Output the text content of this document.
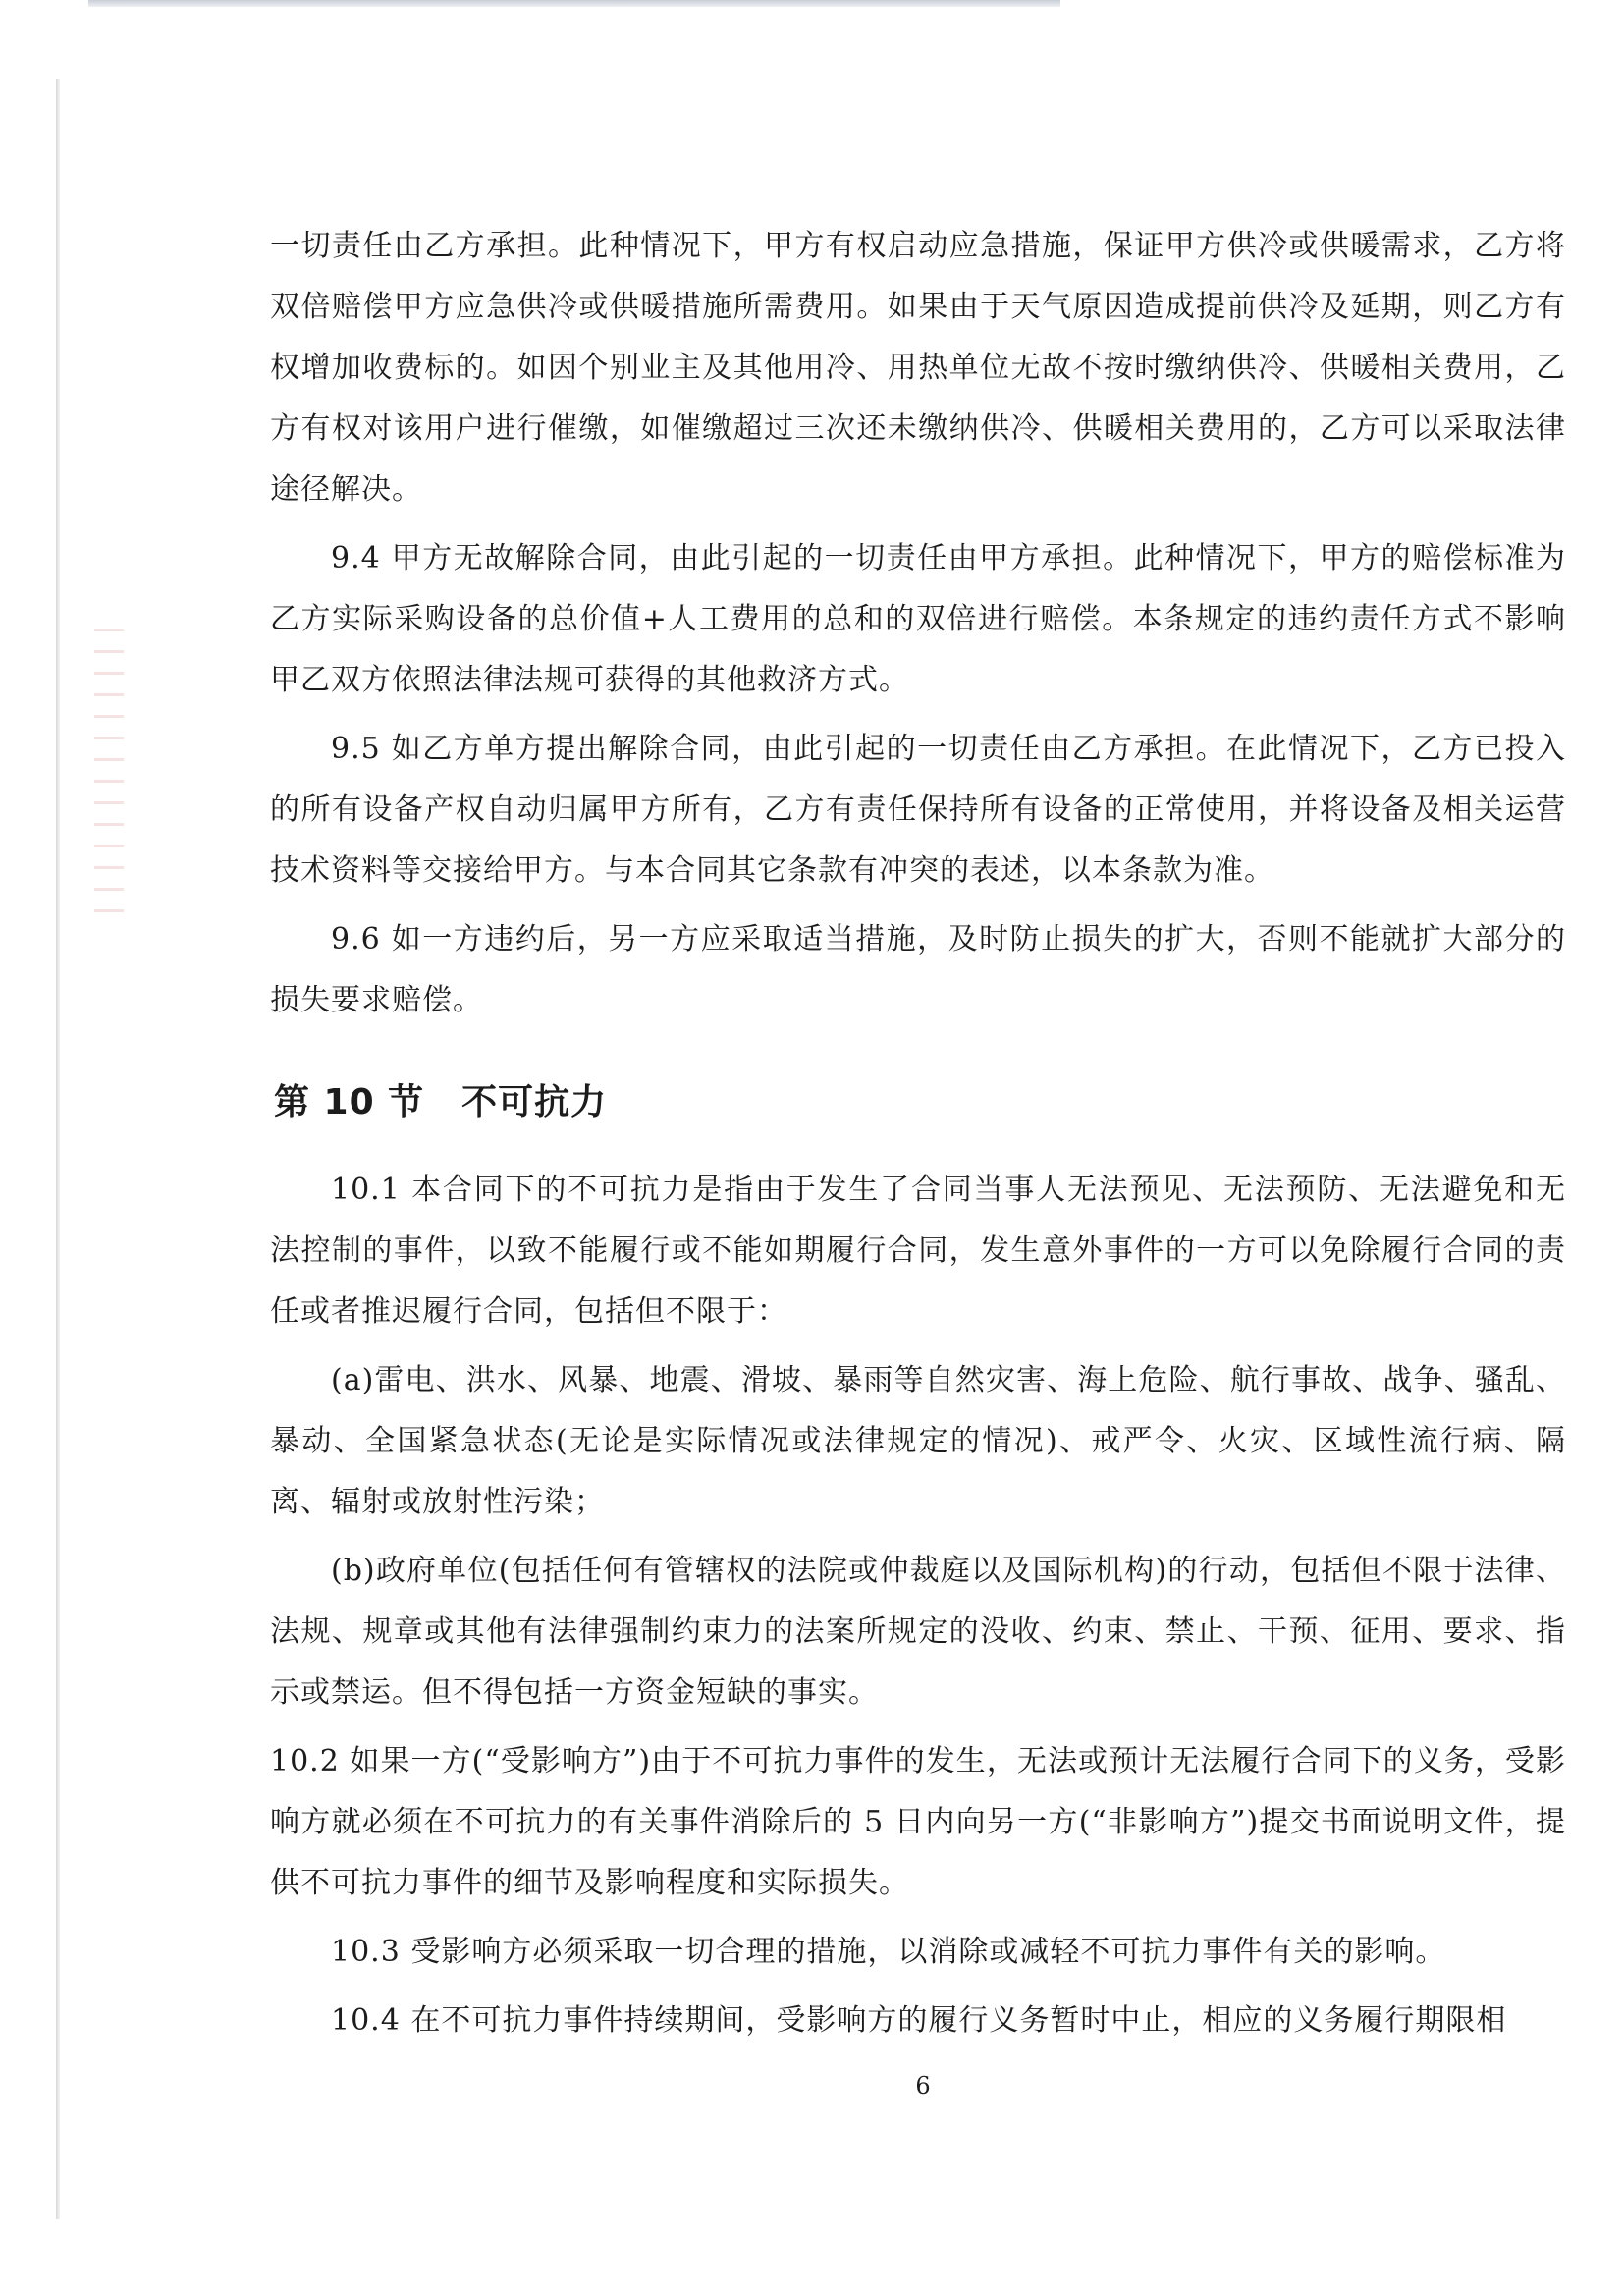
一切责任由乙方承担。此种情况下，甲方有权启动应急措施，保证甲方供冷或供暖需求，乙方将双倍赔偿甲方应急供冷或供暖措施所需费用。如果由于天气原因造成提前供冷及延期，则乙方有权增加收费标的。如因个别业主及其他用冷、用热单位无故不按时缴纳供冷、供暖相关费用，乙方有权对该用户进行催缴，如催缴超过三次还未缴纳供冷、供暖相关费用的，乙方可以采取法律途径解决。

9.4 甲方无故解除合同，由此引起的一切责任由甲方承担。此种情况下，甲方的赔偿标准为乙方实际采购设备的总价值+人工费用的总和的双倍进行赔偿。本条规定的违约责任方式不影响甲乙双方依照法律法规可获得的其他救济方式。

9.5 如乙方单方提出解除合同，由此引起的一切责任由乙方承担。在此情况下，乙方已投入的所有设备产权自动归属甲方所有，乙方有责任保持所有设备的正常使用，并将设备及相关运营技术资料等交接给甲方。与本合同其它条款有冲突的表述，以本条款为准。

9.6 如一方违约后，另一方应采取适当措施，及时防止损失的扩大，否则不能就扩大部分的损失要求赔偿。

第 10 节 不可抗力

10.1 本合同下的不可抗力是指由于发生了合同当事人无法预见、无法预防、无法避免和无法控制的事件，以致不能履行或不能如期履行合同，发生意外事件的一方可以免除履行合同的责任或者推迟履行合同，包括但不限于：

(a)雷电、洪水、风暴、地震、滑坡、暴雨等自然灾害、海上危险、航行事故、战争、骚乱、暴动、全国紧急状态(无论是实际情况或法律规定的情况)、戒严令、火灾、区域性流行病、隔离、辐射或放射性污染；

(b)政府单位(包括任何有管辖权的法院或仲裁庭以及国际机构)的行动，包括但不限于法律、法规、规章或其他有法律强制约束力的法案所规定的没收、约束、禁止、干预、征用、要求、指示或禁运。但不得包括一方资金短缺的事实。

10.2 如果一方(“受影响方”)由于不可抗力事件的发生，无法或预计无法履行合同下的义务，受影响方就必须在不可抗力的有关事件消除后的 5 日内向另一方(“非影响方”)提交书面说明文件，提供不可抗力事件的细节及影响程度和实际损失。

10.3 受影响方必须采取一切合理的措施，以消除或减轻不可抗力事件有关的影响。

10.4 在不可抗力事件持续期间，受影响方的履行义务暂时中止，相应的义务履行期限相

6
